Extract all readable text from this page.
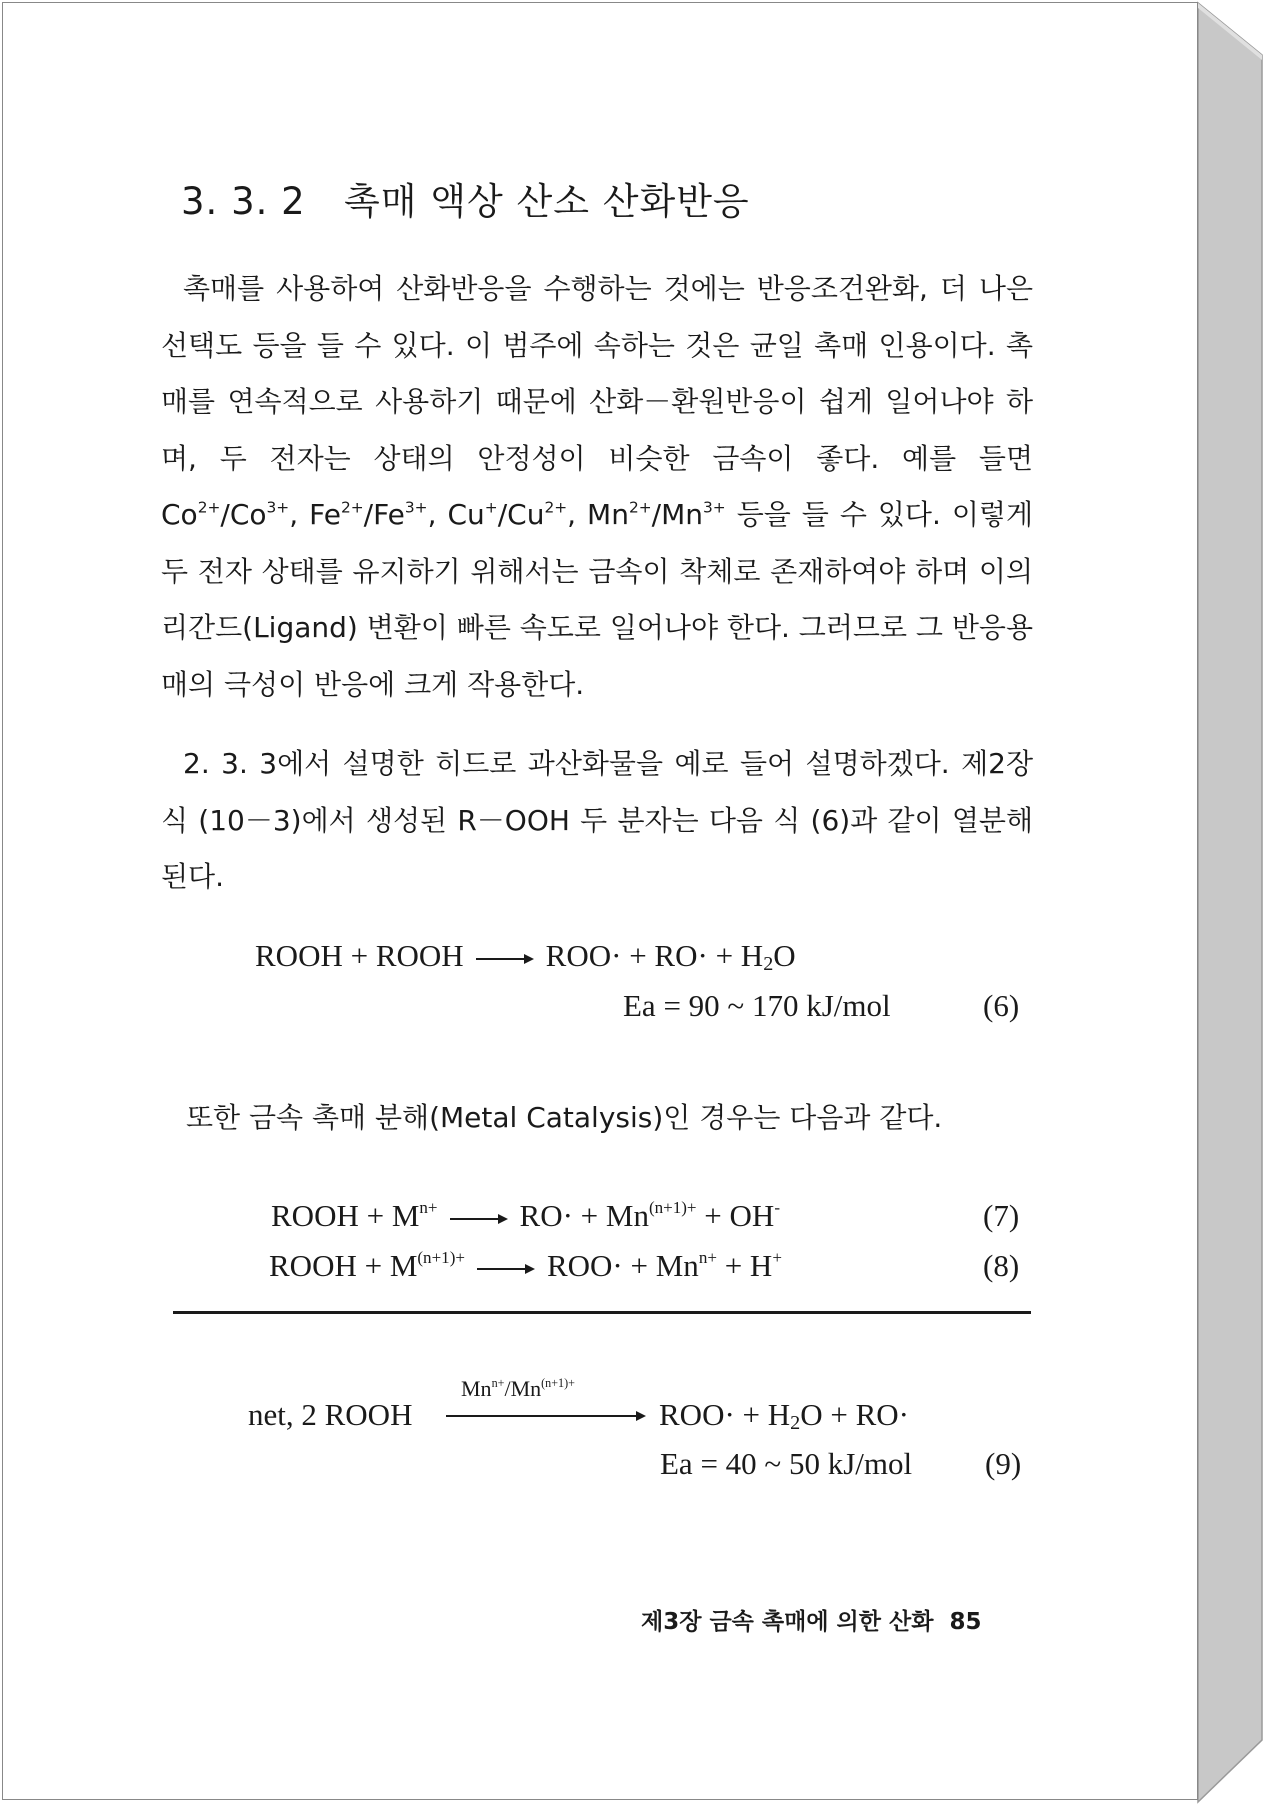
3. 3. 2 촉매 액상 산소 산화반응
촉매를 사용하여 산화반응을 수행하는 것에는 반응조건완화, 더 나은 선택도 등을 들 수 있다. 이 범주에 속하는 것은 균일 촉매 인용이다. 촉매를 연속적으로 사용하기 때문에 산화－환원반응이 쉽게 일어나야 하며, 두 전자는 상태의 안정성이 비슷한 금속이 좋다. 예를 들면 $Co^{2+}/Co^{3+}$, $Fe^{2+}/Fe^{3+}$, $Cu^+/Cu^{2+}$, $Mn^{2+}/Mn^{3+}$ 등을 들 수 있다. 이렇게 두 전자 상태를 유지하기 위해서는 금속이 착체로 존재하여야 하며 이의 리간드(Ligand) 변환이 빠른 속도로 일어나야 한다. 그러므로 그 반응용매의 극성이 반응에 크게 작용한다.
2. 3. 3에서 설명한 히드로 과산화물을 예로 들어 설명하겠다. 제2장 식 (10－3)에서 생성된 R－OOH 두 분자는 다음 식 (6)과 같이 열분해된다.
ROOH + ROOH	$ROO\cdot + RO\cdot + H_2O$
Ea = 90 ~ 170 kJ/mol	(6)
또한 금속 촉매 분해(Metal Catalysis)인 경우는 다음과 같다.
ROOH + $M^{n+}$	$RO\cdot + Mn^{(n+1)+} + OH^-$	(7)
ROOH + $M^{(n+1)+}$	$ROO\cdot + Mn^{n+} + H^+$	(8)
$Mn^{n+}/Mn^{(n+1)+}$
net, 2 ROOH	$ROO\cdot + H_2O + RO\cdot$
Ea = 40 ~ 50 kJ/mol (9)
제3장 금속 촉매에 의한 산화 85
